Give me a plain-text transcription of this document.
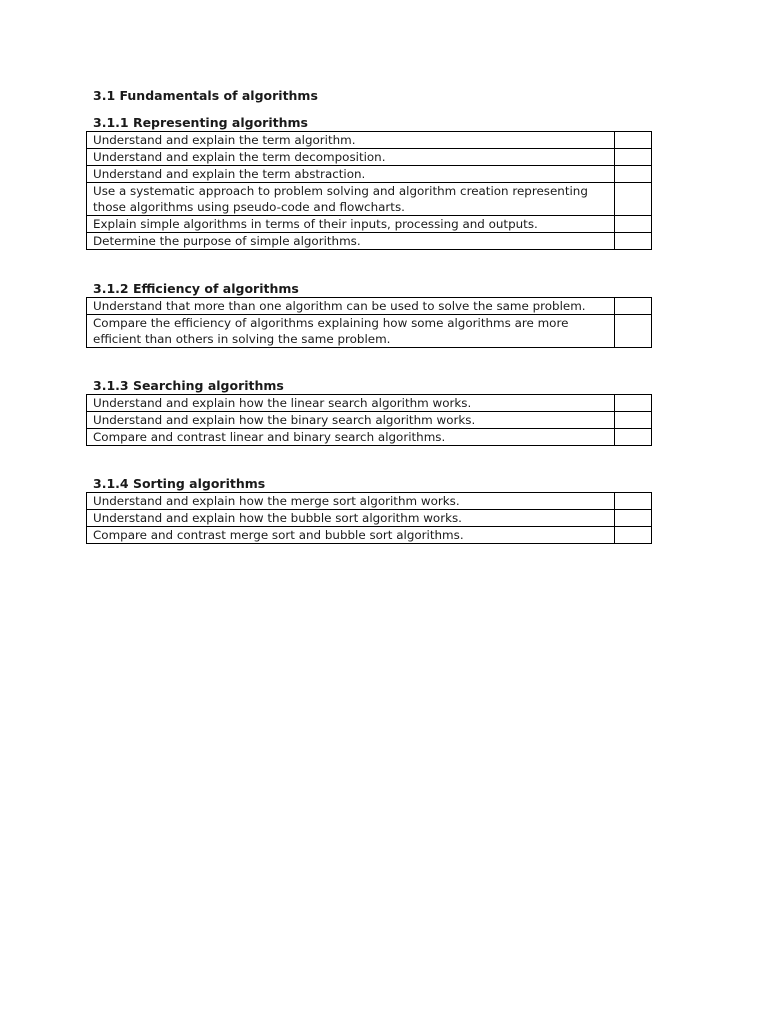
3.1 Fundamentals of algorithms
3.1.1 Representing algorithms
Understand and explain the term algorithm.	
Understand and explain the term decomposition.	
Understand and explain the term abstraction.	
Use a systematic approach to problem solving and algorithm creation representing those algorithms using pseudo-code and flowcharts.	
Explain simple algorithms in terms of their inputs, processing and outputs.	
Determine the purpose of simple algorithms.	
3.1.2 Efficiency of algorithms
Understand that more than one algorithm can be used to solve the same problem.	
Compare the efficiency of algorithms explaining how some algorithms are more efficient than others in solving the same problem.	
3.1.3 Searching algorithms
Understand and explain how the linear search algorithm works.	
Understand and explain how the binary search algorithm works.	
Compare and contrast linear and binary search algorithms.	
3.1.4 Sorting algorithms
Understand and explain how the merge sort algorithm works.	
Understand and explain how the bubble sort algorithm works.	
Compare and contrast merge sort and bubble sort algorithms.	
